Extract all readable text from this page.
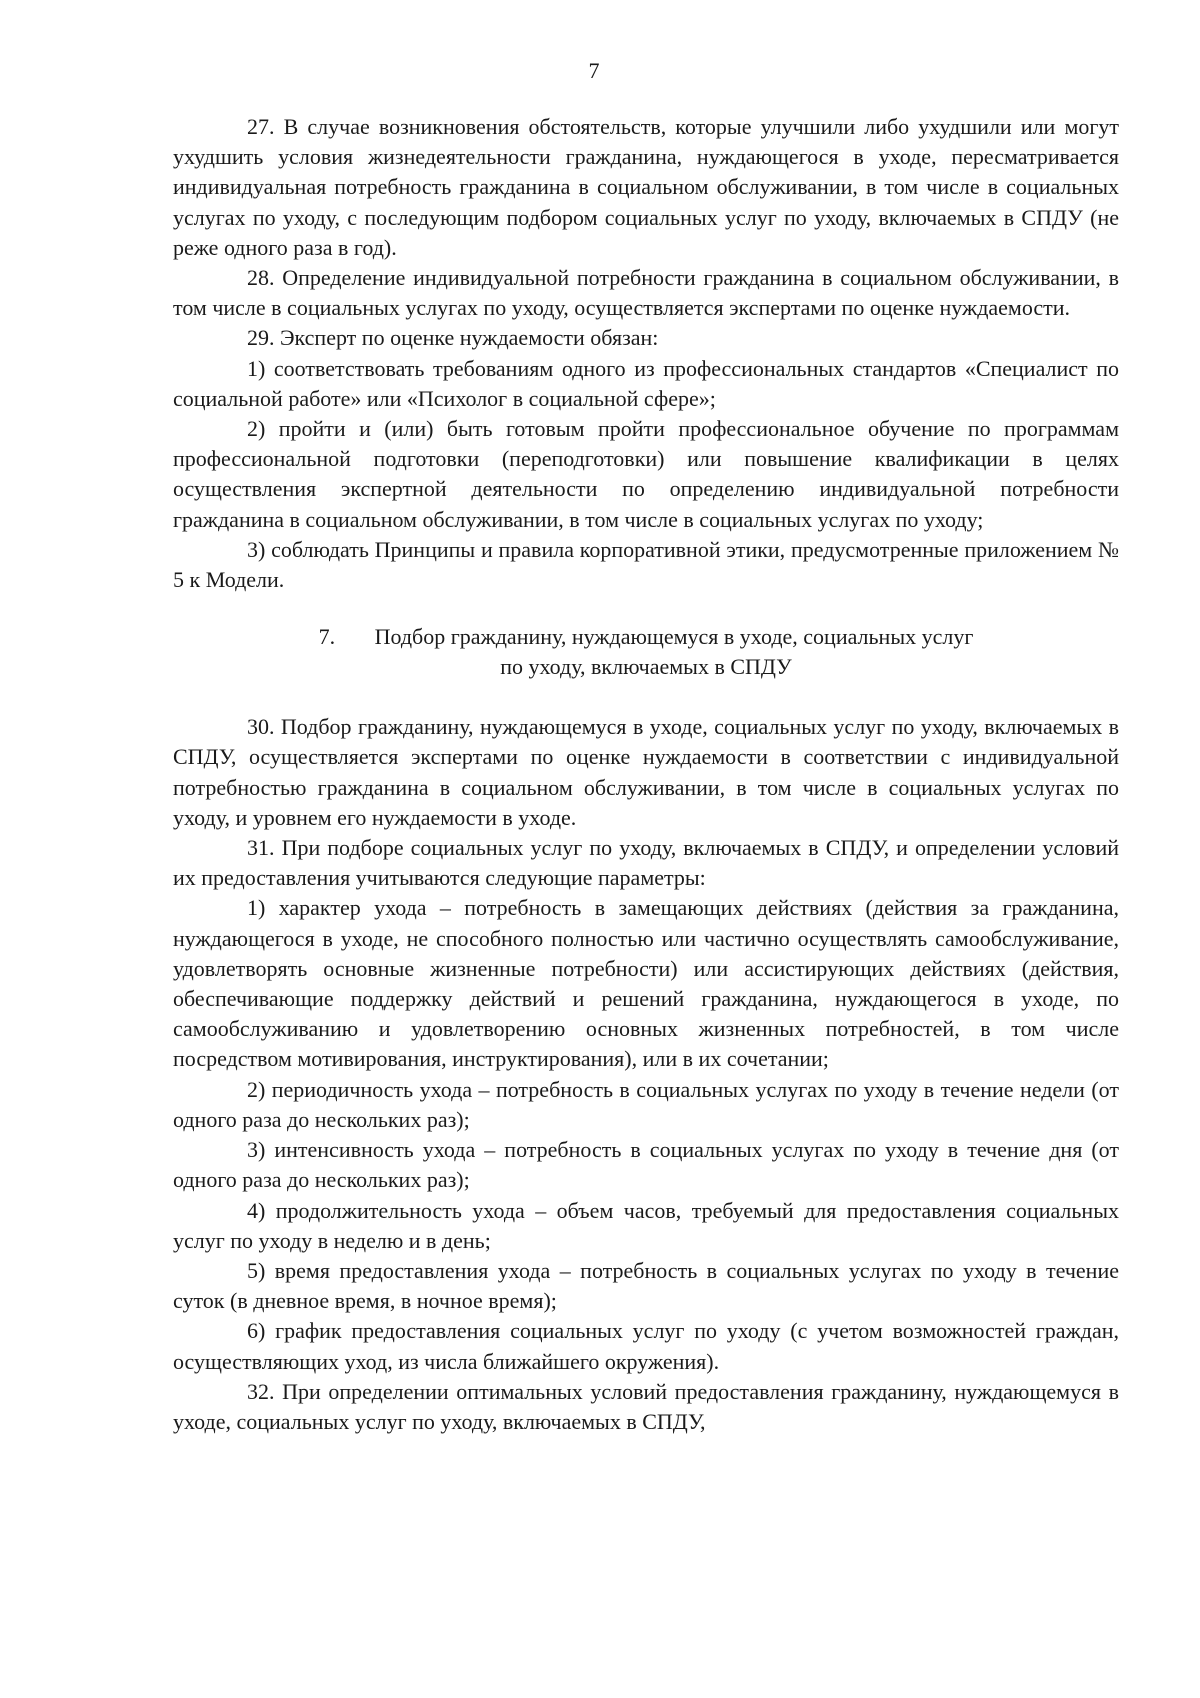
7

27. В случае возникновения обстоятельств, которые улучшили либо ухудшили или могут ухудшить условия жизнедеятельности гражданина, нуждающегося в уходе, пересматривается индивидуальная потребность гражданина в социальном обслуживании, в том числе в социальных услугах по уходу, с последующим подбором социальных услуг по уходу, включаемых в СПДУ (не реже одного раза в год).

28. Определение индивидуальной потребности гражданина в социальном обслуживании, в том числе в социальных услугах по уходу, осуществляется экспертами по оценке нуждаемости.

29. Эксперт по оценке нуждаемости обязан:

1) соответствовать требованиям одного из профессиональных стандартов «Специалист по социальной работе» или «Психолог в социальной сфере»;

2) пройти и (или) быть готовым пройти профессиональное обучение по программам профессиональной подготовки (переподготовки) или повышение квалификации в целях осуществления экспертной деятельности по определению индивидуальной потребности гражданина в социальном обслуживании, в том числе в социальных услугах по уходу;

3) соблюдать Принципы и правила корпоративной этики, предусмотренные приложением № 5 к Модели.

7. Подбор гражданину, нуждающемуся в уходе, социальных услуг
по уходу, включаемых в СПДУ

30. Подбор гражданину, нуждающемуся в уходе, социальных услуг по уходу, включаемых в СПДУ, осуществляется экспертами по оценке нуждаемости в соответствии с индивидуальной потребностью гражданина в социальном обслуживании, в том числе в социальных услугах по уходу, и уровнем его нуждаемости в уходе.

31. При подборе социальных услуг по уходу, включаемых в СПДУ, и определении условий их предоставления учитываются следующие параметры:

1) характер ухода – потребность в замещающих действиях (действия за гражданина, нуждающегося в уходе, не способного полностью или частично осуществлять самообслуживание, удовлетворять основные жизненные потребности) или ассистирующих действиях (действия, обеспечивающие поддержку действий и решений гражданина, нуждающегося в уходе, по самообслуживанию и удовлетворению основных жизненных потребностей, в том числе посредством мотивирования, инструктирования), или в их сочетании;

2) периодичность ухода – потребность в социальных услугах по уходу в течение недели (от одного раза до нескольких раз);

3) интенсивность ухода – потребность в социальных услугах по уходу в течение дня (от одного раза до нескольких раз);

4) продолжительность ухода – объем часов, требуемый для предоставления социальных услуг по уходу в неделю и в день;

5) время предоставления ухода – потребность в социальных услугах по уходу в течение суток (в дневное время, в ночное время);

6) график предоставления социальных услуг по уходу (с учетом возможностей граждан, осуществляющих уход, из числа ближайшего окружения).

32. При определении оптимальных условий предоставления гражданину, нуждающемуся в уходе, социальных услуг по уходу, включаемых в СПДУ,
